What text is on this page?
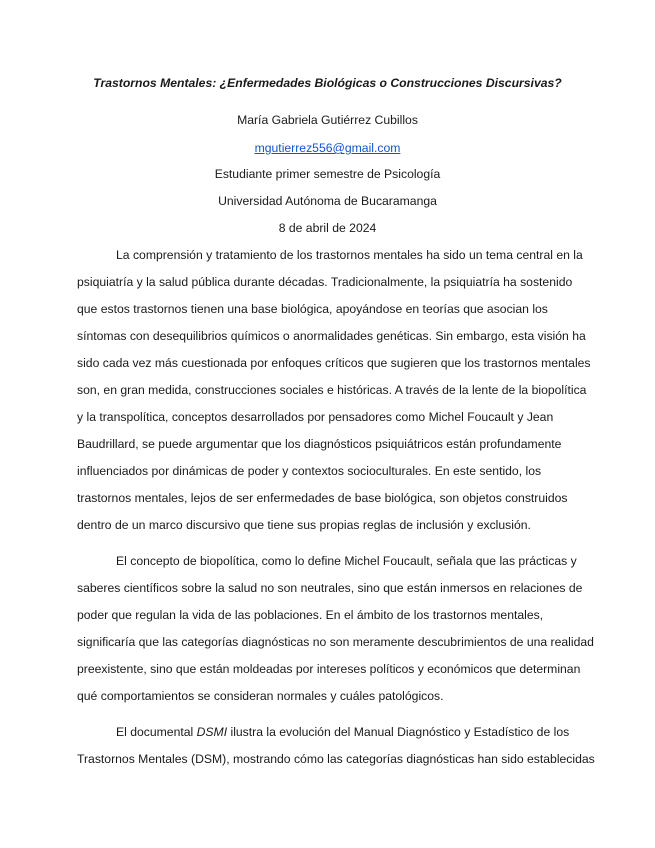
Trastornos Mentales: ¿Enfermedades Biológicas o Construcciones Discursivas?
María Gabriela Gutiérrez Cubillos
mgutierrez556@gmail.com
Estudiante primer semestre de Psicología
Universidad Autónoma de Bucaramanga
8 de abril de 2024
La comprensión y tratamiento de los trastornos mentales ha sido un tema central en la
psiquiatría y la salud pública durante décadas. Tradicionalmente, la psiquiatría ha sostenido
que estos trastornos tienen una base biológica, apoyándose en teorías que asocian los
síntomas con desequilibrios químicos o anormalidades genéticas. Sin embargo, esta visión ha
sido cada vez más cuestionada por enfoques críticos que sugieren que los trastornos mentales
son, en gran medida, construcciones sociales e históricas. A través de la lente de la biopolítica
y la transpolítica, conceptos desarrollados por pensadores como Michel Foucault y Jean
Baudrillard, se puede argumentar que los diagnósticos psiquiátricos están profundamente
influenciados por dinámicas de poder y contextos socioculturales. En este sentido, los
trastornos mentales, lejos de ser enfermedades de base biológica, son objetos construidos
dentro de un marco discursivo que tiene sus propias reglas de inclusión y exclusión.
El concepto de biopolítica, como lo define Michel Foucault, señala que las prácticas y
saberes científicos sobre la salud no son neutrales, sino que están inmersos en relaciones de
poder que regulan la vida de las poblaciones. En el ámbito de los trastornos mentales,
significaría que las categorías diagnósticas no son meramente descubrimientos de una realidad
preexistente, sino que están moldeadas por intereses políticos y económicos que determinan
qué comportamientos se consideran normales y cuáles patológicos.
El documental DSMI ilustra la evolución del Manual Diagnóstico y Estadístico de los
Trastornos Mentales (DSM), mostrando cómo las categorías diagnósticas han sido establecidas
